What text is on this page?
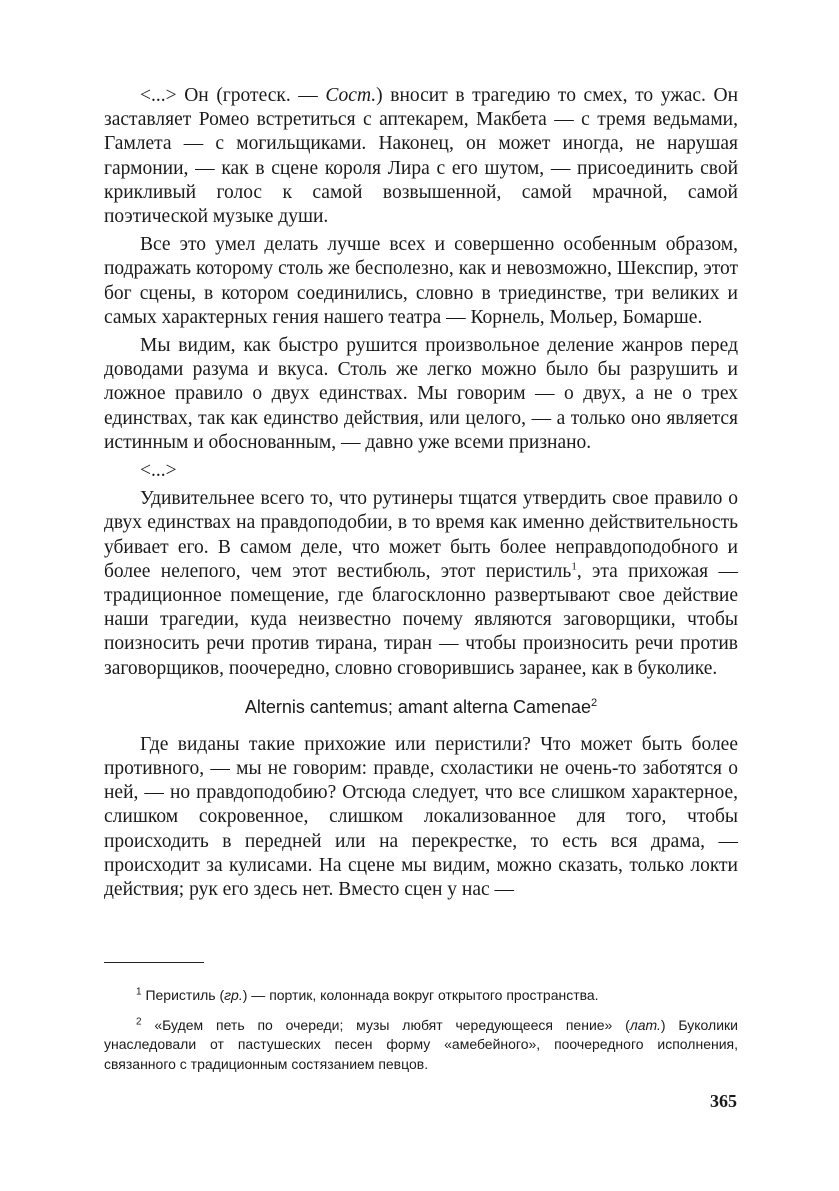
<...> Он (гротеск. — Сост.) вносит в трагедию то смех, то ужас. Он заставляет Ромео встретиться с аптекарем, Макбета — с тремя ведьмами, Гамлета — с могильщиками. Наконец, он может иногда, не нарушая гармонии, — как в сцене короля Лира с его шутом, — присоединить свой крикливый голос к самой возвышенной, самой мрачной, самой поэтической музыке души.

Все это умел делать лучше всех и совершенно особенным образом, подражать которому столь же бесполезно, как и невозможно, Шекспир, этот бог сцены, в котором соединились, словно в триединстве, три великих и самых характерных гения нашего театра — Корнель, Мольер, Бомарше.

Мы видим, как быстро рушится произвольное деление жанров перед доводами разума и вкуса. Столь же легко можно было бы разрушить и ложное правило о двух единствах. Мы говорим — о двух, а не о трех единствах, так как единство действия, или целого, — а только оно является истинным и обоснованным, — давно уже всеми признано.

<...>

Удивительнее всего то, что рутинеры тщатся утвердить свое правило о двух единствах на правдоподобии, в то время как именно действительность убивает его. В самом деле, что может быть более неправдоподобного и более нелепого, чем этот вестибюль, этот перистиль$^1$, эта прихожая — традиционное помещение, где благосклонно развертывают свое действие наши трагедии, куда неизвестно почему являются заговорщики, чтобы поизносить речи против тирана, тиран — чтобы произносить речи против заговорщиков, поочередно, словно сговорившись заранее, как в буколике.

Alternis cantemus; amant alterna Camenae$^2$

Где виданы такие прихожие или перистили? Что может быть более противного, — мы не говорим: правде, схоластики не очень-то заботятся о ней, — но правдоподобию? Отсюда следует, что все слишком характерное, слишком сокровенное, слишком локализованное для того, чтобы происходить в передней или на перекрестке, то есть вся драма, — происходит за кулисами. На сцене мы видим, можно сказать, только локти действия; рук его здесь нет. Вместо сцен у нас —

$^1$ Перистиль (гр.) — портик, колоннада вокруг открытого пространства.

$^2$ «Будем петь по очереди; музы любят чередующееся пение» (лат.) Буколики унаследовали от пастушеских песен форму «амебейного», поочередного исполнения, связанного с традиционным состязанием певцов.

365
